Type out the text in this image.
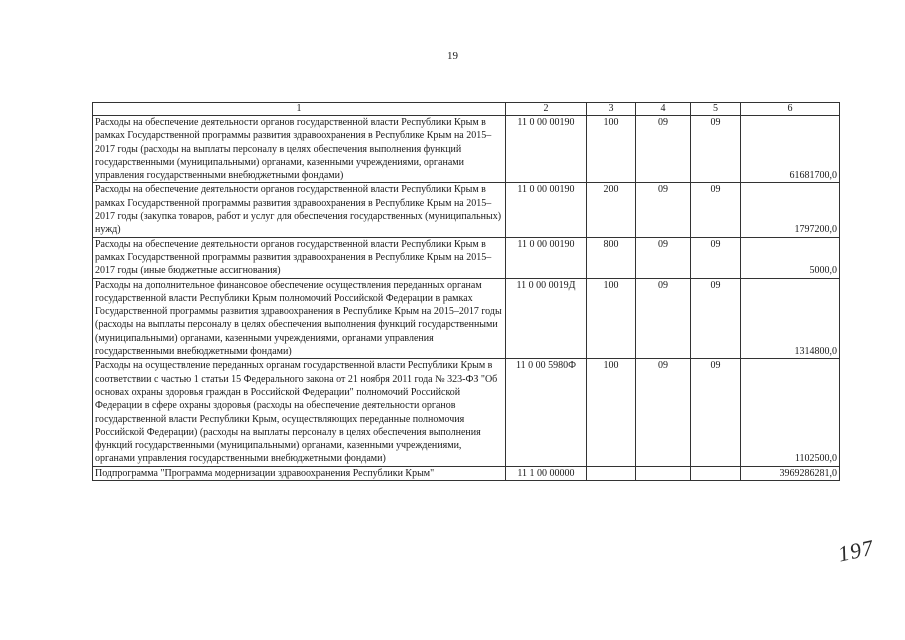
19
1	2	3	4	5	6
Расходы на обеспечение деятельности органов государственной власти Республики Крым в рамках Государственной программы развития здравоохранения в Республике Крым на 2015–2017 годы (расходы на выплаты персоналу в целях обеспечения выполнения функций государственными (муниципальными) органами, казенными учреждениями, органами управления государственными внебюджетными фондами)	11 0 00 00190	100	09	09	61681700,0
Расходы на обеспечение деятельности органов государственной власти Республики Крым в рамках Государственной программы развития здравоохранения в Республике Крым на 2015–2017 годы (закупка товаров, работ и услуг для обеспечения государственных (муниципальных) нужд)	11 0 00 00190	200	09	09	1797200,0
Расходы на обеспечение деятельности органов государственной власти Республики Крым в рамках Государственной программы развития здравоохранения в Республике Крым на 2015–2017 годы (иные бюджетные ассигнования)	11 0 00 00190	800	09	09	5000,0
Расходы на дополнительное финансовое обеспечение осуществления переданных органам государственной власти Республики Крым полномочий Российской Федерации в рамках Государственной программы развития здравоохранения в Республике Крым на 2015–2017 годы (расходы на выплаты персоналу в целях обеспечения выполнения функций государственными (муниципальными) органами, казенными учреждениями, органами управления государственными внебюджетными фондами)	11 0 00 0019Д	100	09	09	1314800,0
Расходы на осуществление переданных органам государственной власти Республики Крым в соответствии с частью 1 статьи 15 Федерального закона от 21 ноября 2011 года № 323-ФЗ "Об основах охраны здоровья граждан в Российской Федерации" полномочий Российской Федерации в сфере охраны здоровья (расходы на обеспечение деятельности органов государственной власти Республики Крым, осуществляющих переданные полномочия Российской Федерации) (расходы на выплаты персоналу в целях обеспечения выполнения функций государственными (муниципальными) органами, казенными учреждениями, органами управления государственными внебюджетными фондами)	11 0 00 5980Ф	100	09	09	1102500,0
Подпрограмма "Программа модернизации здравоохранения Республики Крым"	11 1 00 00000				3969286281,0
197
